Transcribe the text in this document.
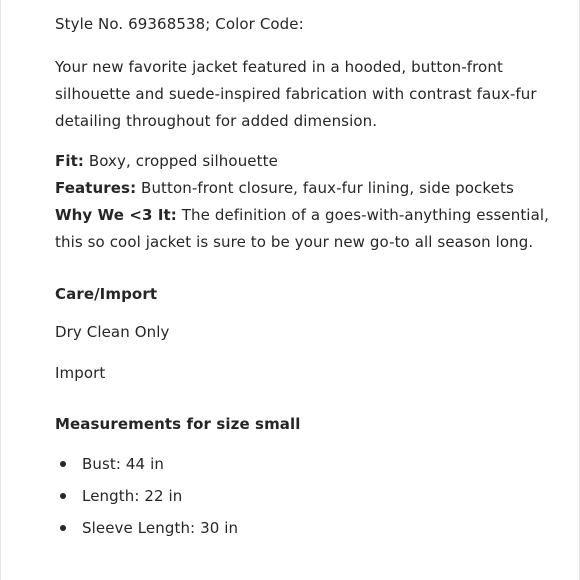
Style No. 69368538; Color Code:

Your new favorite jacket featured in a hooded, button-front silhouette and suede-inspired fabrication with contrast faux-fur detailing throughout for added dimension.

Fit: Boxy, cropped silhouette
Features: Button-front closure, faux-fur lining, side pockets
Why We <3 It: The definition of a goes-with-anything essential, this so cool jacket is sure to be your new go-to all season long.

Care/Import

Dry Clean Only

Import

Measurements for size small

Bust: 44 in
Length: 22 in
Sleeve Length: 30 in
